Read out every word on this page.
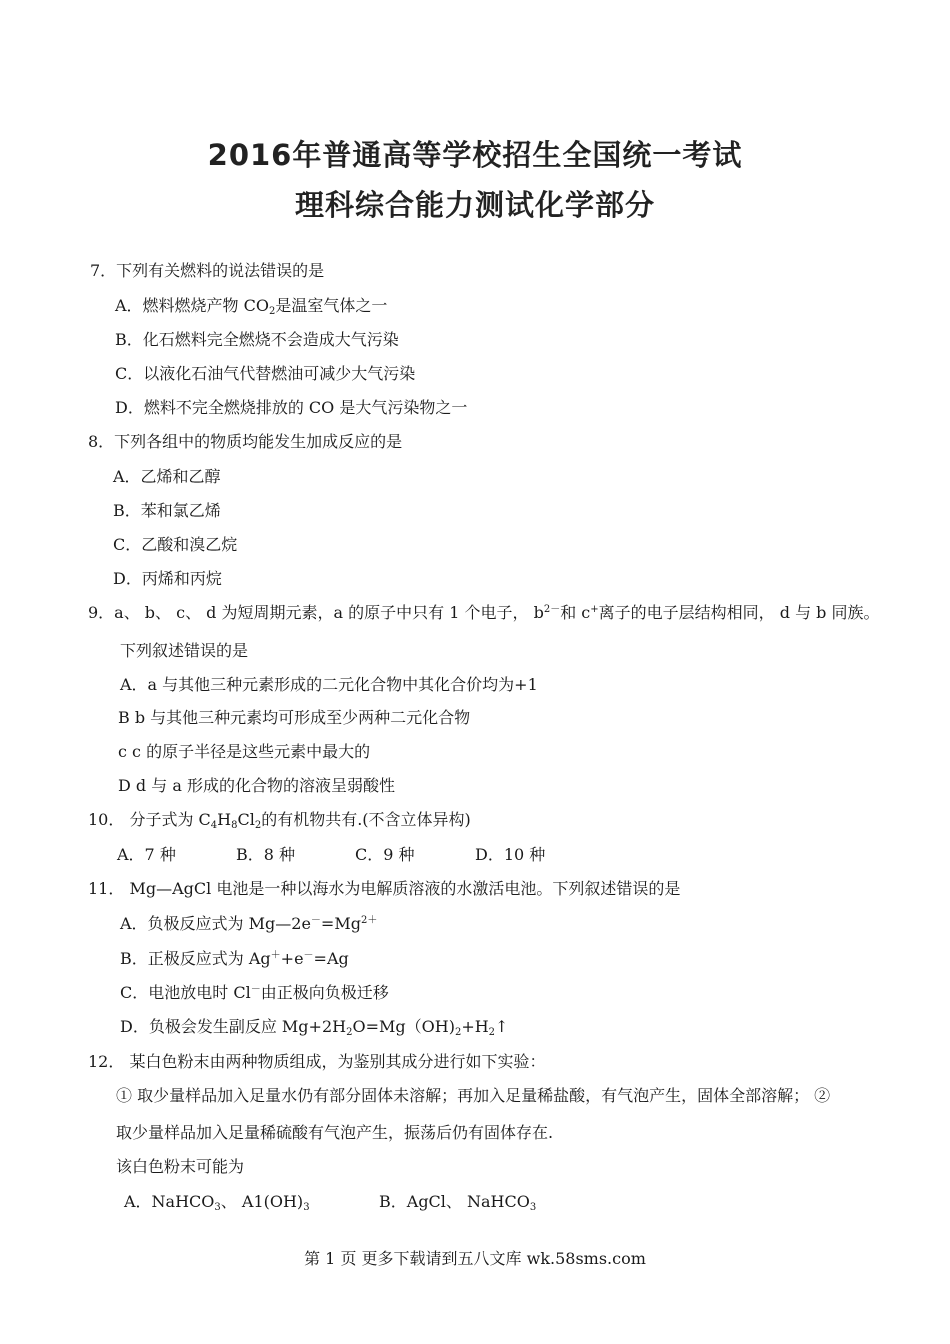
2016年普通高等学校招生全国统一考试
理科综合能力测试化学部分
7．下列有关燃料的说法错误的是
A．燃料燃烧产物 $CO_2$是温室气体之一
B．化石燃料完全燃烧不会造成大气污染
C．以液化石油气代替燃油可减少大气污染
D．燃料不完全燃烧排放的 CO 是大气污染物之一
8．下列各组中的物质均能发生加成反应的是
A．乙烯和乙醇
B．苯和氯乙烯
C．乙酸和溴乙烷
D．丙烯和丙烷
9．a、 b、 c、 d 为短周期元素，a 的原子中只有 1 个电子， $b^{2-}$和 c+离子的电子层结构相同， d 与 b 同族。
下列叙述错误的是
A．a 与其他三种元素形成的二元化合物中其化合价均为+1
B b 与其他三种元素均可形成至少两种二元化合物
c c 的原子半径是这些元素中最大的
D d 与 a 形成的化合物的溶液呈弱酸性
10． 分子式为 $C_4H_8Cl_2$的有机物共有.(不含立体异构)
A．7 种	B．8 种	C．9 种	D．10 种
11． Mg—AgCl 电池是一种以海水为电解质溶液的水激活电池。下列叙述错误的是
A．负极反应式为 $Mg—2e^-=Mg^{2+}$
B．正极反应式为 Ag＋+e－=Ag
C．电池放电时 Cl－由正极向负极迁移
D．负极会发生副反应 $Mg+2H_2O=Mg(OH)_2+H_2↑$
12． 某白色粉末由两种物质组成，为鉴别其成分进行如下实验：
① 取少量样品加入足量水仍有部分固体未溶解；再加入足量稀盐酸，有气泡产生，固体全部溶解； ②
取少量样品加入足量稀硫酸有气泡产生，振荡后仍有固体存在.
该白色粉末可能为
A．NaHCO$_3$、 $A1(OH)_3$	B．AgCl、 NaHCO$_3$
第 1 页 更多下载请到五八文库 wk.58sms.com
